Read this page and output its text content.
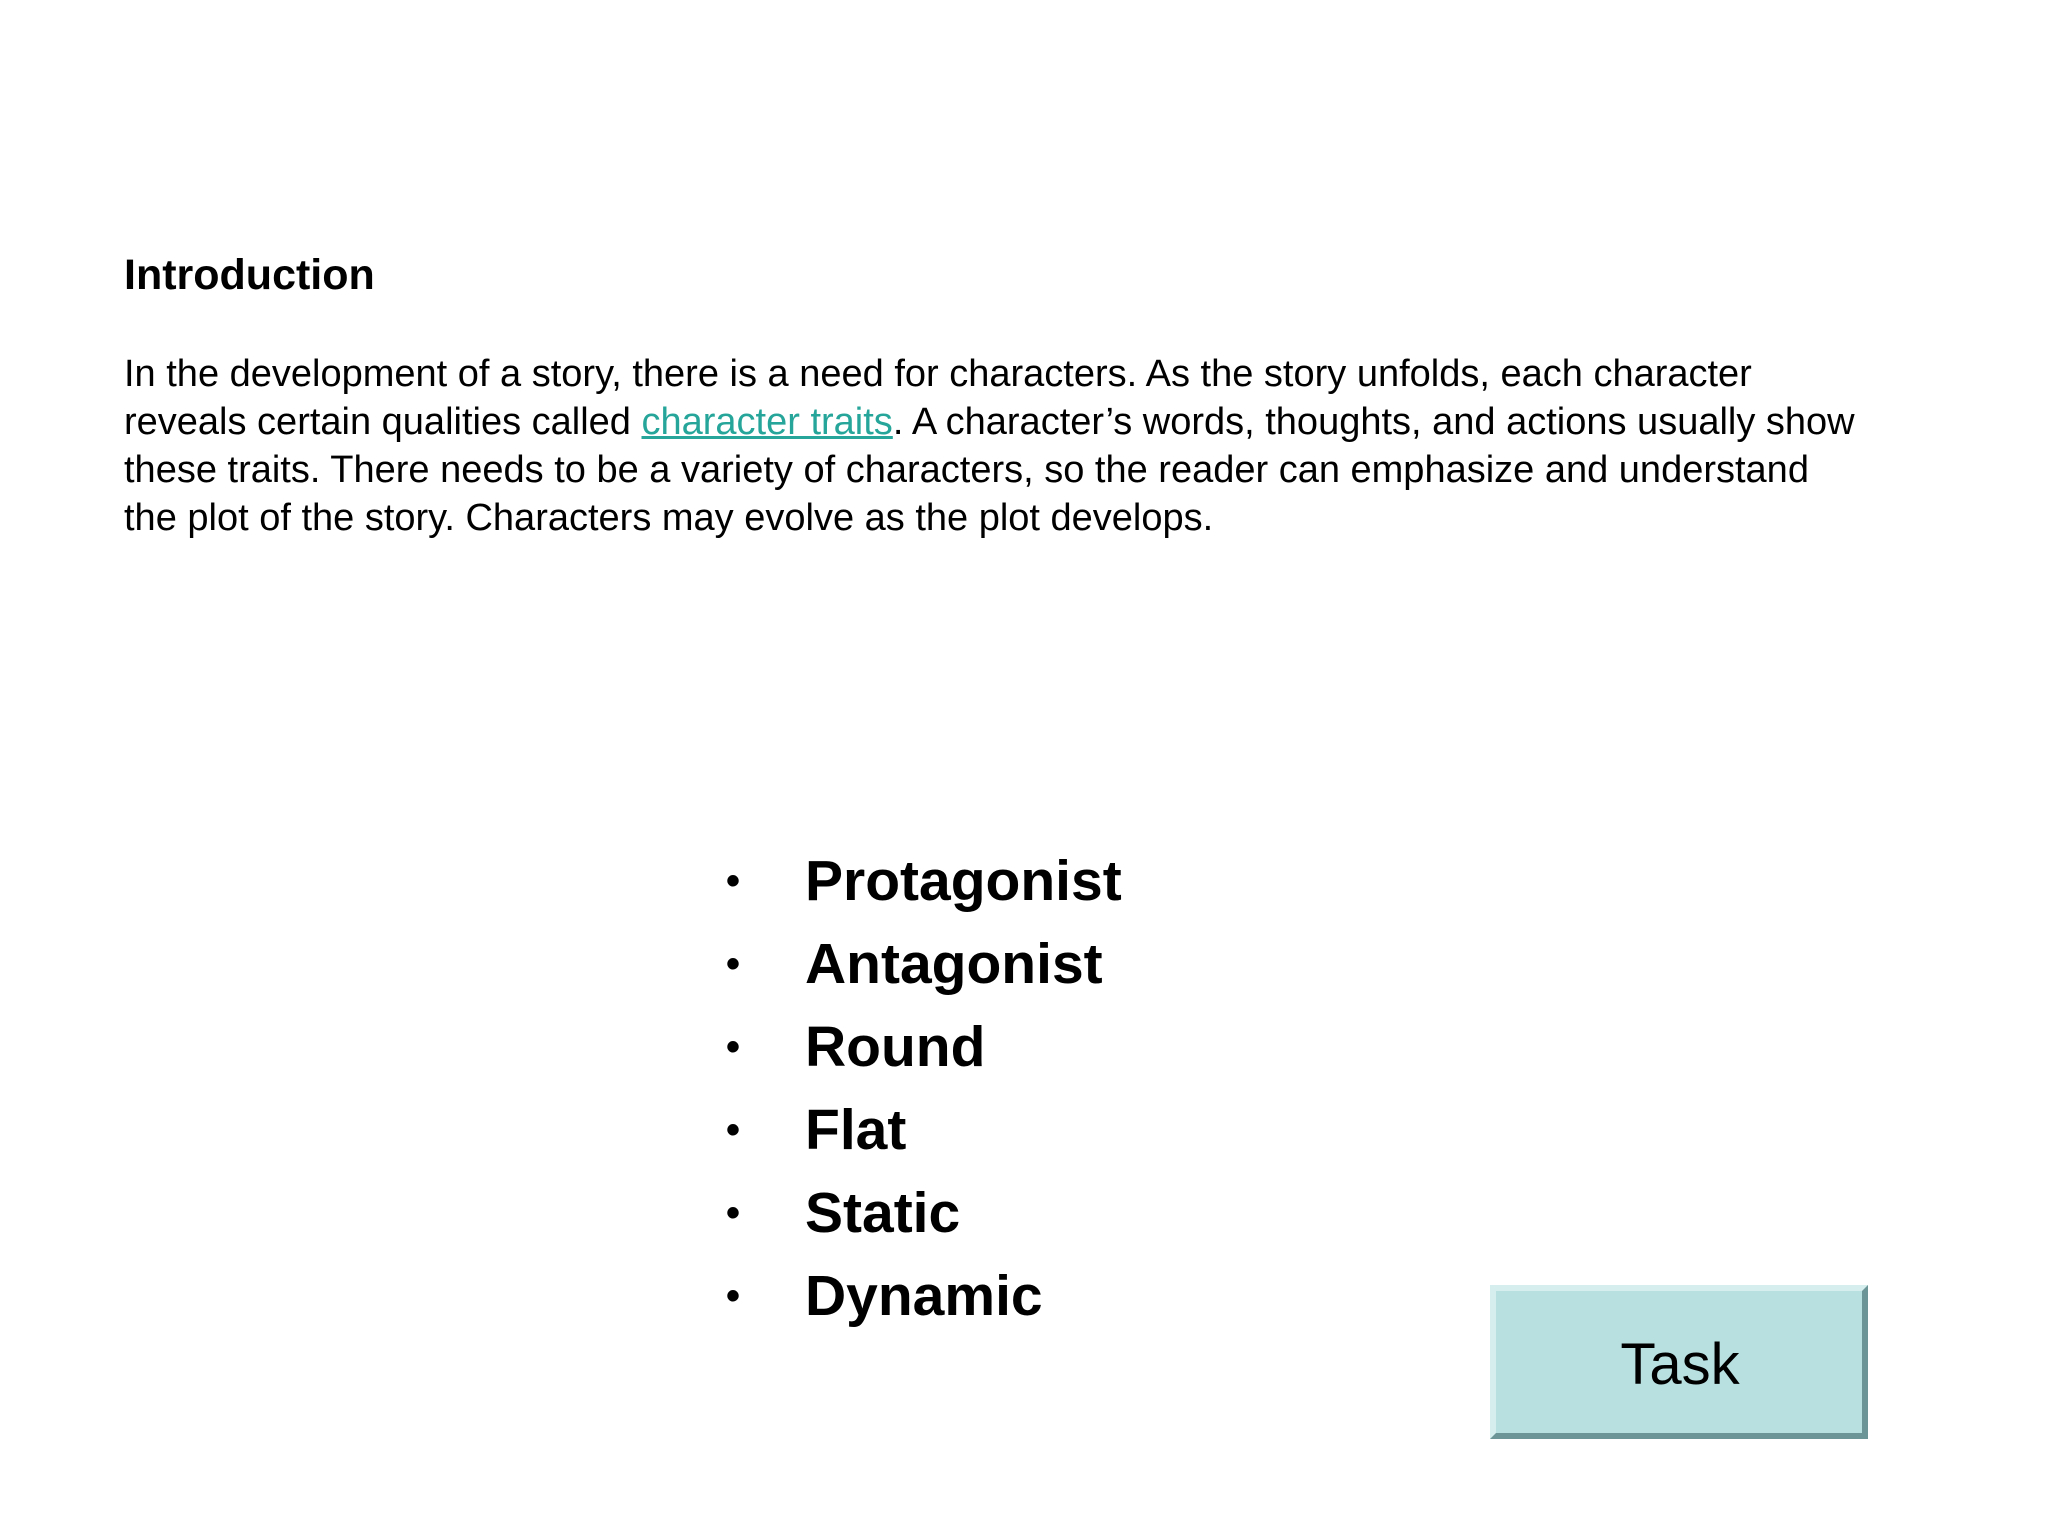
Introduction

In the development of a story, there is a need for characters. As the story unfolds, each character
reveals certain qualities called character traits. A character’s words, thoughts, and actions usually show
these traits. There needs to be a variety of characters, so the reader can emphasize and understand
the plot of the story. Characters may evolve as the plot develops.

•	Protagonist
•	Antagonist
•	Round
•	Flat
•	Static
•	Dynamic
Task
